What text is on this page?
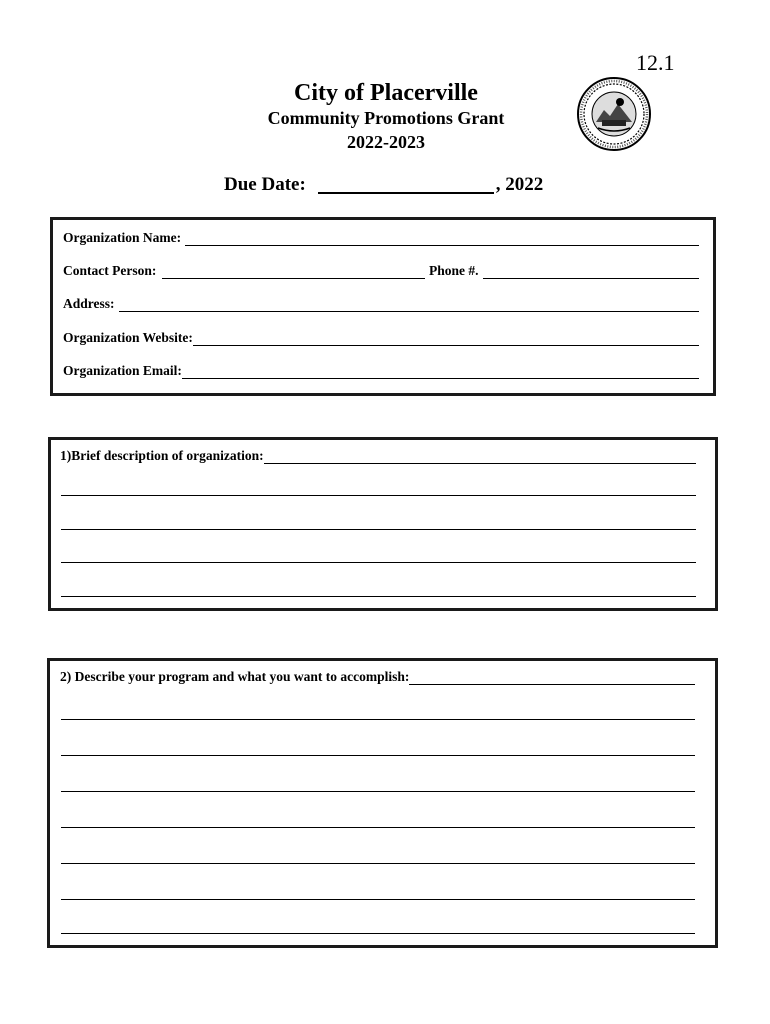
12.1
City of Placerville
Community Promotions Grant
2022-2023
Due Date:	, 2022
Organization Name:
Contact Person:	Phone #.
Address:
Organization Website:
Organization Email:
1)Brief description of organization:
2) Describe your program and what you want to accomplish:
